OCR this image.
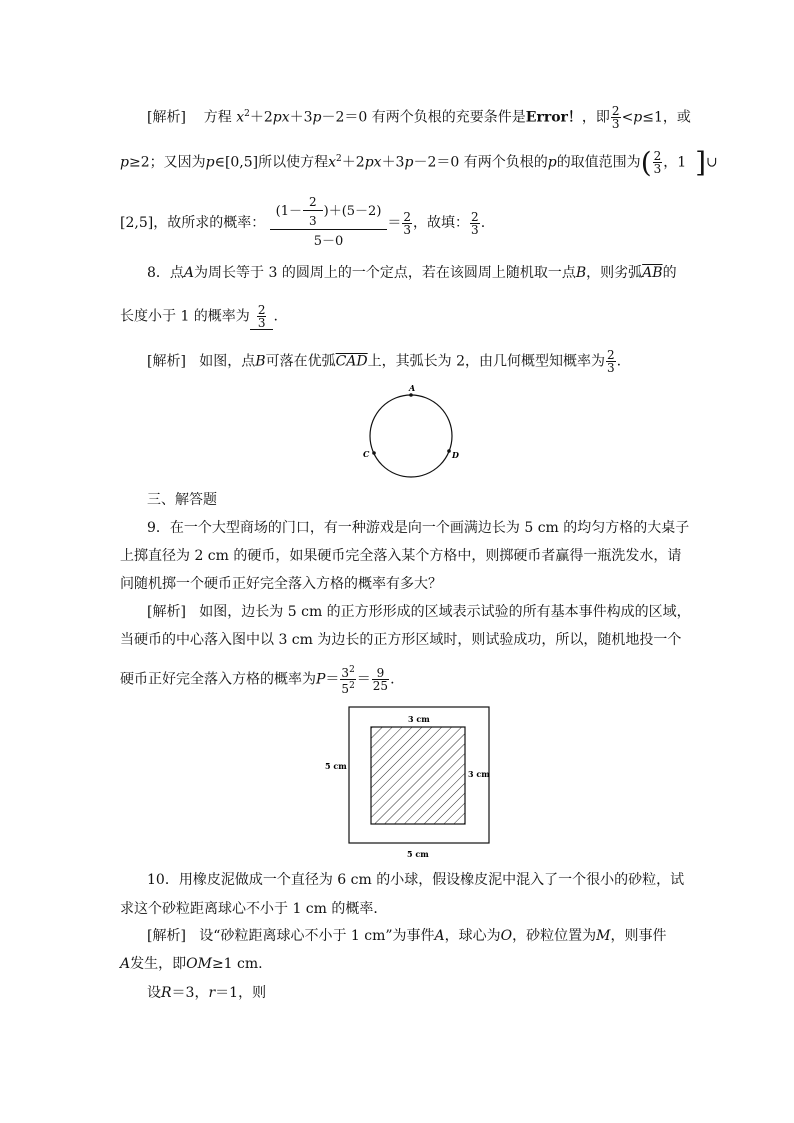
[解析] 方程 $x^2+2px+3p-2=0$ 有两个负根的充要条件是Error！，即 $\frac{2}{3} <p\le 1$，或
p≥2；又因为p∈[0,5]所以使方程$x^2+2px+3p-2=0$ 有两个负根的p的取值范围为( $\frac{2}{3}$ ，1 ]∪
[2,5]，故所求的概率： $\frac{(1- \frac{2}{3} )+(5-2)}{5-0} = \frac{2}{3}$ ，故填： $\frac{2}{3}$ .
8．点A为周长等于 3 的圆周上的一个定点，若在该圆周上随机取一点B，则劣弧$\overline{AB}$的
长度小于 1 的概率为 $\frac{2}{3}$ .
[解析] 如图，点B可落在优弧$\overline{CAD}$上，其弧长为 2，由几何概型知概率为 $\frac{2}{3}$ .
A
C	D
三、解答题
9．在一个大型商场的门口，有一种游戏是向一个画满边长为 5 cm 的均匀方格的大桌子
上掷直径为 2 cm 的硬币，如果硬币完全落入某个方格中，则掷硬币者赢得一瓶洗发水，请
问随机掷一个硬币正好完全落入方格的概率有多大？
[解析] 如图，边长为 5 cm 的正方形形成的区域表示试验的所有基本事件构成的区域，
当硬币的中心落入图中以 3 cm 为边长的正方形区域时，则试验成功，所以，随机地投一个
硬币正好完全落入方格的概率为$P= \frac{3^2}{5^2} = \frac{9}{25}$ .
3 cm
5 cm
3 cm
5 cm
10．用橡皮泥做成一个直径为 6 cm 的小球，假设橡皮泥中混入了一个很小的砂粒，试
求这个砂粒距离球心不小于 1 cm 的概率．
[解析] 设“砂粒距离球心不小于 1 cm”为事件A，球心为O，砂粒位置为M，则事件
A发生，即OM≥1 cm.
设R＝3，r＝1，则
